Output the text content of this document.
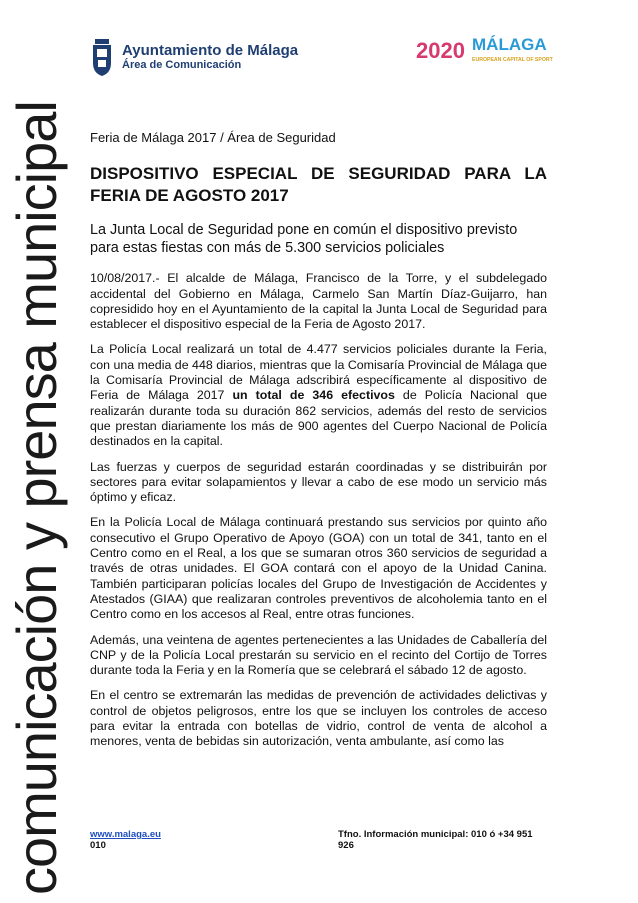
comunicación y prensa municipal
Ayuntamiento de Málaga
Área de Comunicación
2020 MÁLAGA
EUROPEAN CAPITAL OF SPORT
Feria de Málaga 2017 / Área de Seguridad
DISPOSITIVO ESPECIAL DE SEGURIDAD PARA LA FERIA DE AGOSTO 2017
La Junta Local de Seguridad pone en común el dispositivo previsto para estas fiestas con más de 5.300 servicios policiales

10/08/2017.- El alcalde de Málaga, Francisco de la Torre, y el subdelegado accidental del Gobierno en Málaga, Carmelo San Martín Díaz-Guijarro, han copresidido hoy en el Ayuntamiento de la capital la Junta Local de Seguridad para establecer el dispositivo especial de la Feria de Agosto 2017.

La Policía Local realizará un total de 4.477 servicios policiales durante la Feria, con una media de 448 diarios, mientras que la Comisaría Provincial de Málaga que la Comisaría Provincial de Málaga adscribirá específicamente al dispositivo de Feria de Málaga 2017 un total de 346 efectivos de Policía Nacional que realizarán durante toda su duración 862 servicios, además del resto de servicios que prestan diariamente los más de 900 agentes del Cuerpo Nacional de Policía destinados en la capital.

Las fuerzas y cuerpos de seguridad estarán coordinadas y se distribuirán por sectores para evitar solapamientos y llevar a cabo de ese modo un servicio más óptimo y eficaz.

En la Policía Local de Málaga continuará prestando sus servicios por quinto año consecutivo el Grupo Operativo de Apoyo (GOA) con un total de 341, tanto en el Centro como en el Real, a los que se sumaran otros 360 servicios de seguridad a través de otras unidades. El GOA contará con el apoyo de la Unidad Canina. También participaran policías locales del Grupo de Investigación de Accidentes y Atestados (GIAA) que realizaran controles preventivos de alcoholemia tanto en el Centro como en los accesos al Real, entre otras funciones.

Además, una veintena de agentes pertenecientes a las Unidades de Caballería del CNP y de la Policía Local prestarán su servicio en el recinto del Cortijo de Torres durante toda la Feria y en la Romería que se celebrará el sábado 12 de agosto.

En el centro se extremarán las medidas de prevención de actividades delictivas y control de objetos peligrosos, entre los que se incluyen los controles de acceso para evitar la entrada con botellas de vidrio, control de venta de alcohol a menores, venta de bebidas sin autorización, venta ambulante, así como las

www.malaga.eu	Tfno. Información municipal: 010 ó +34 951 926
010
